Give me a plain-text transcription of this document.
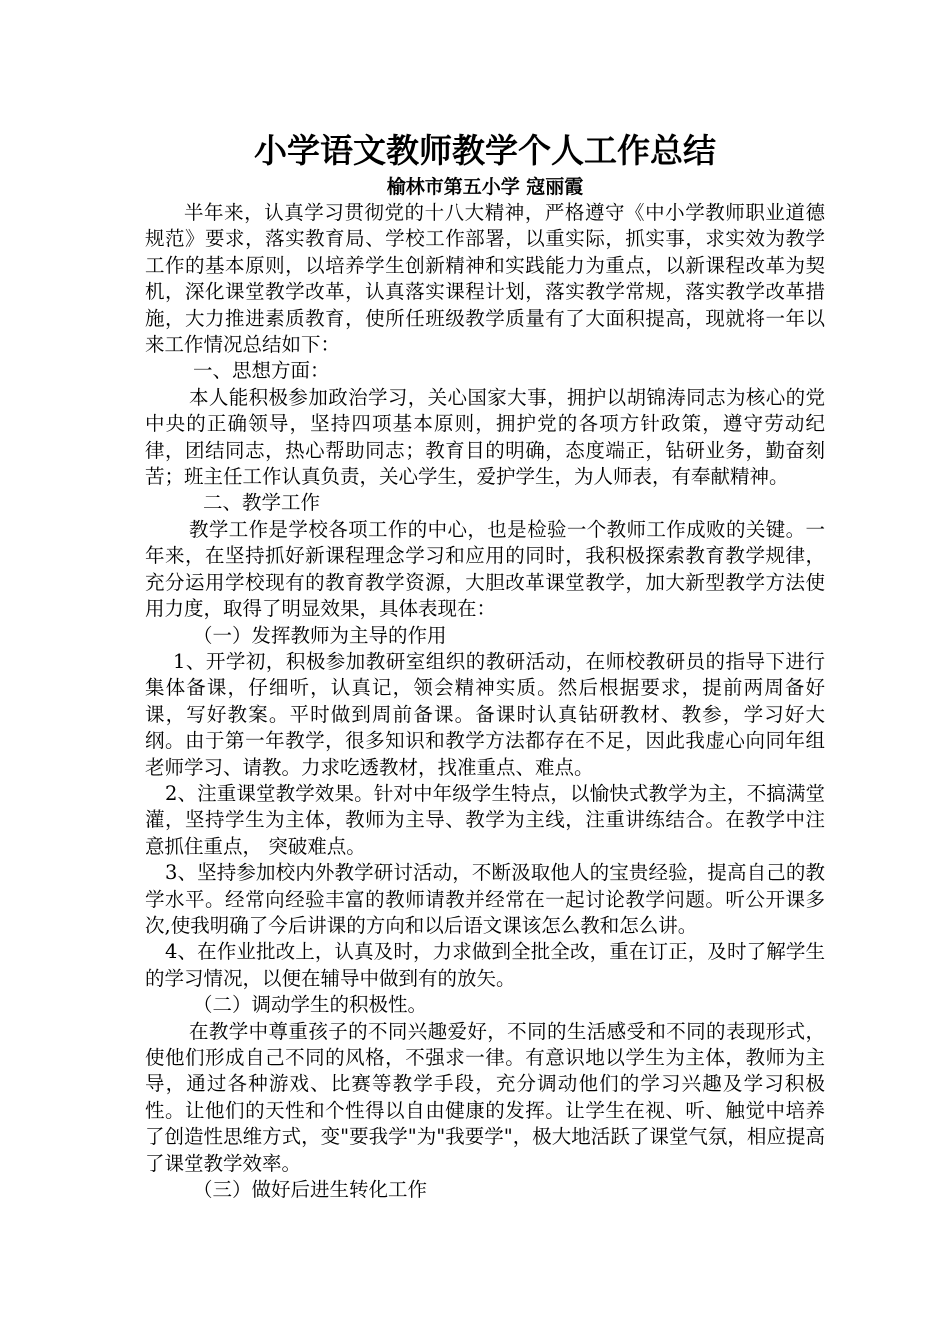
小学语文教师教学个人工作总结
榆林市第五小学 寇丽霞

半年来，认真学习贯彻党的十八大精神，严格遵守《中小学教师职业道德规范》要求，落实教育局、学校工作部署，以重实际，抓实事，求实效为教学工作的基本原则，以培养学生创新精神和实践能力为重点，以新课程改革为契机，深化课堂教学改革，认真落实课程计划，落实教学常规，落实教学改革措施，大力推进素质教育，使所任班级教学质量有了大面积提高，现就将一年以来工作情况总结如下：

一、思想方面：

本人能积极参加政治学习，关心国家大事，拥护以胡锦涛同志为核心的党中央的正确领导，坚持四项基本原则，拥护党的各项方针政策，遵守劳动纪律，团结同志，热心帮助同志；教育目的明确，态度端正，钻研业务，勤奋刻苦；班主任工作认真负责，关心学生，爱护学生，为人师表，有奉献精神。

二、教学工作

教学工作是学校各项工作的中心，也是检验一个教师工作成败的关键。一年来，在坚持抓好新课程理念学习和应用的同时，我积极探索教育教学规律，充分运用学校现有的教育教学资源，大胆改革课堂教学，加大新型教学方法使用力度，取得了明显效果，具体表现在：

（一）发挥教师为主导的作用

1、开学初，积极参加教研室组织的教研活动，在师校教研员的指导下进行集体备课，仔细听，认真记，领会精神实质。然后根据要求，提前两周备好课，写好教案。平时做到周前备课。备课时认真钻研教材、教参，学习好大纲。由于第一年教学，很多知识和教学方法都存在不足，因此我虚心向同年组老师学习、请教。力求吃透教材，找准重点、难点。

2、注重课堂教学效果。针对中年级学生特点，以愉快式教学为主，不搞满堂灌，坚持学生为主体，教师为主导、教学为主线，注重讲练结合。在教学中注意抓住重点， 突破难点。

3、坚持参加校内外教学研讨活动，不断汲取他人的宝贵经验，提高自己的教学水平。经常向经验丰富的教师请教并经常在一起讨论教学问题。听公开课多次,使我明确了今后讲课的方向和以后语文课该怎么教和怎么讲。

4、在作业批改上，认真及时，力求做到全批全改，重在订正，及时了解学生的学习情况，以便在辅导中做到有的放矢。

（二）调动学生的积极性。

在教学中尊重孩子的不同兴趣爱好，不同的生活感受和不同的表现形式，使他们形成自己不同的风格，不强求一律。有意识地以学生为主体，教师为主导，通过各种游戏、比赛等教学手段，充分调动他们的学习兴趣及学习积极性。让他们的天性和个性得以自由健康的发挥。让学生在视、听、触觉中培养了创造性思维方式，变"要我学"为"我要学"，极大地活跃了课堂气氛，相应提高了课堂教学效率。

（三）做好后进生转化工作
